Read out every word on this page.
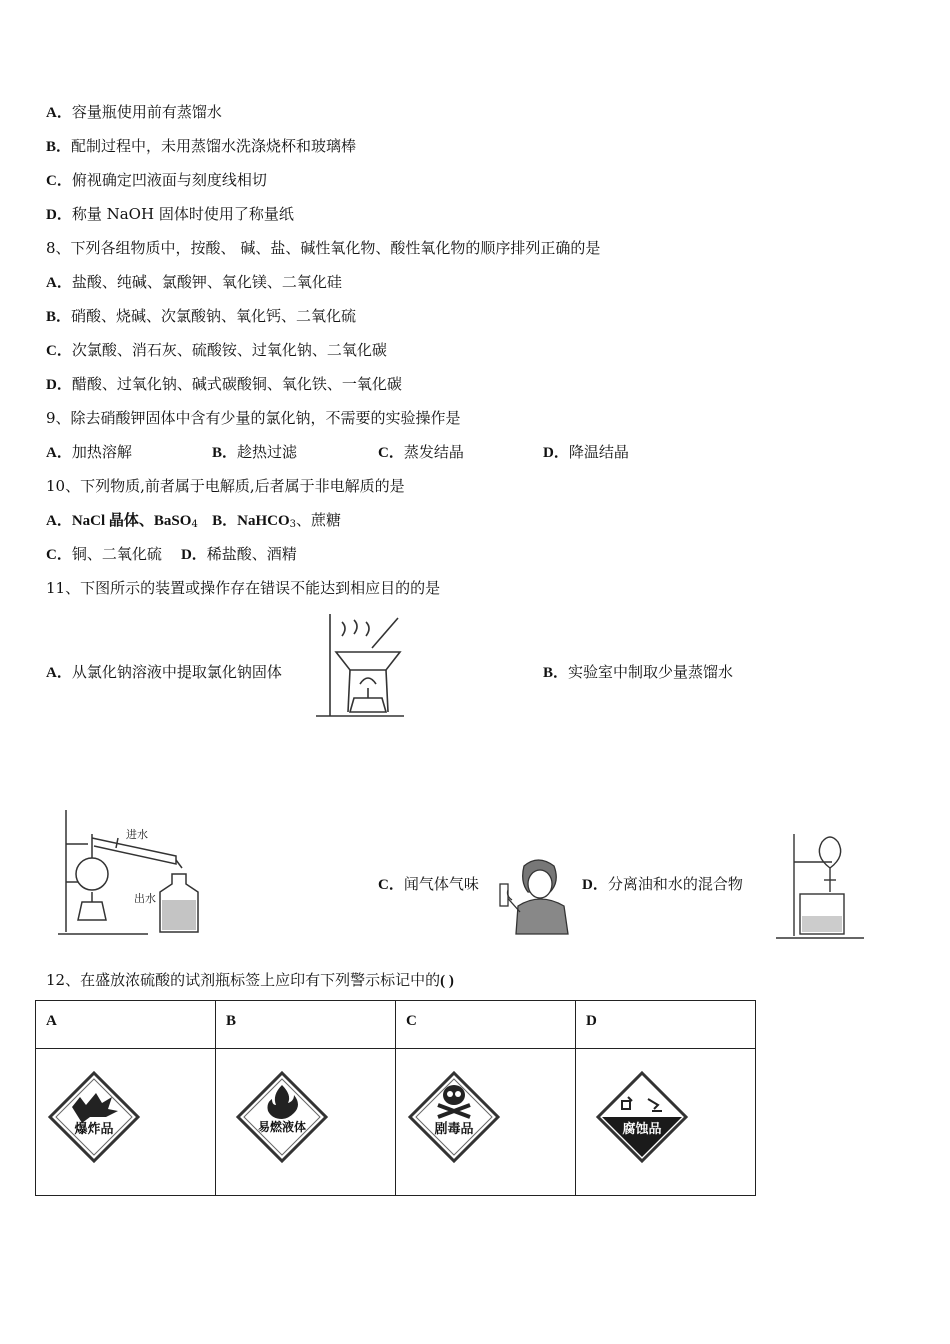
A．容量瓶使用前有蒸馏水
B．配制过程中，未用蒸馏水洗涤烧杯和玻璃棒
C．俯视确定凹液面与刻度线相切
D．称量 NaOH 固体时使用了称量纸
8、下列各组物质中，按酸、 碱、盐、碱性氧化物、酸性氧化物的顺序排列正确的是
A．盐酸、纯碱、氯酸钾、氧化镁、二氧化硅
B．硝酸、烧碱、次氯酸钠、氧化钙、二氧化硫
C．次氯酸、消石灰、硫酸铵、过氧化钠、二氧化碳
D．醋酸、过氧化钠、碱式碳酸铜、氧化铁、一氧化碳
9、除去硝酸钾固体中含有少量的氯化钠，不需要的实验操作是
A．加热溶解	B．趁热过滤	C．蒸发结晶	D．降温结晶
10、下列物质,前者属于电解质,后者属于非电解质的是
A．NaCl 晶体、BaSO$_4$ B．NaHCO$_3$、蔗糖
C．铜、二氧化硫 D．稀盐酸、酒精
11、下图所示的装置或操作存在错误不能达到相应目的的是
A．从氯化钠溶液中提取氯化钠固体	B．实验室中制取少量蒸馏水
C．闻气体气味	D．分离油和水的混合物
进水
出水
12、在盛放浓硫酸的试剂瓶标签上应印有下列警示标记中的( )
A	B	C	D

爆炸品	易燃液体	剧毒品	腐蚀品
